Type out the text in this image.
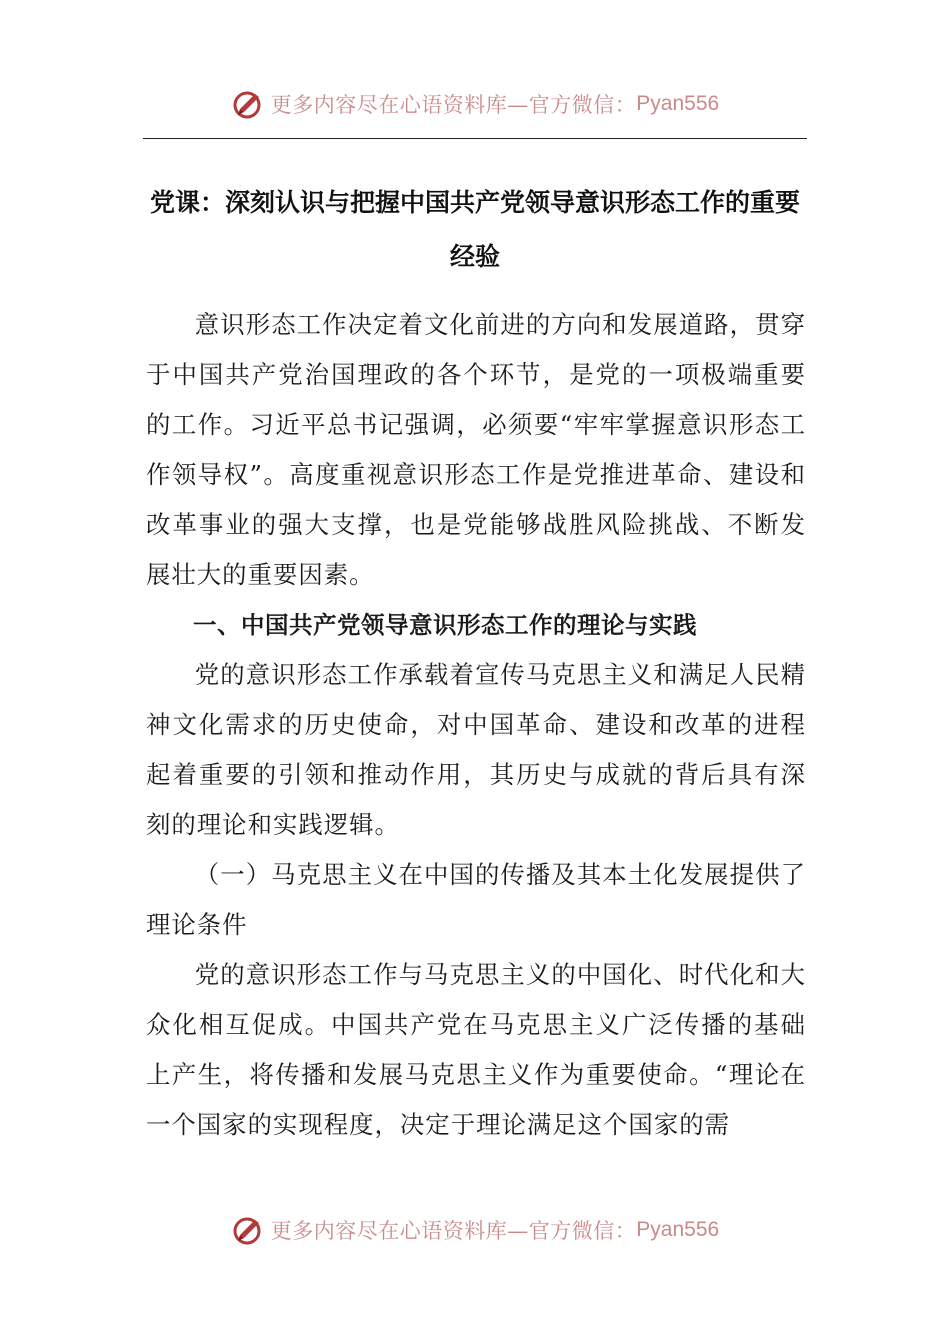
更多内容尽在心语资料库—官方微信： Pyan556
党课：深刻认识与把握中国共产党领导意识形态工作的重要经验

意识形态工作决定着文化前进的方向和发展道路，贯穿于中国共产党治国理政的各个环节，是党的一项极端重要的工作。习近平总书记强调，必须要“牢牢掌握意识形态工作领导权”。高度重视意识形态工作是党推进革命、建设和改革事业的强大支撑，也是党能够战胜风险挑战、不断发展壮大的重要因素。

一、中国共产党领导意识形态工作的理论与实践

党的意识形态工作承载着宣传马克思主义和满足人民精神文化需求的历史使命，对中国革命、建设和改革的进程起着重要的引领和推动作用，其历史与成就的背后具有深刻的理论和实践逻辑。

（一）马克思主义在中国的传播及其本土化发展提供了理论条件

党的意识形态工作与马克思主义的中国化、时代化和大众化相互促成。中国共产党在马克思主义广泛传播的基础上产生，将传播和发展马克思主义作为重要使命。“理论在一个国家的实现程度，决定于理论满足这个国家的需

更多内容尽在心语资料库—官方微信： Pyan556
